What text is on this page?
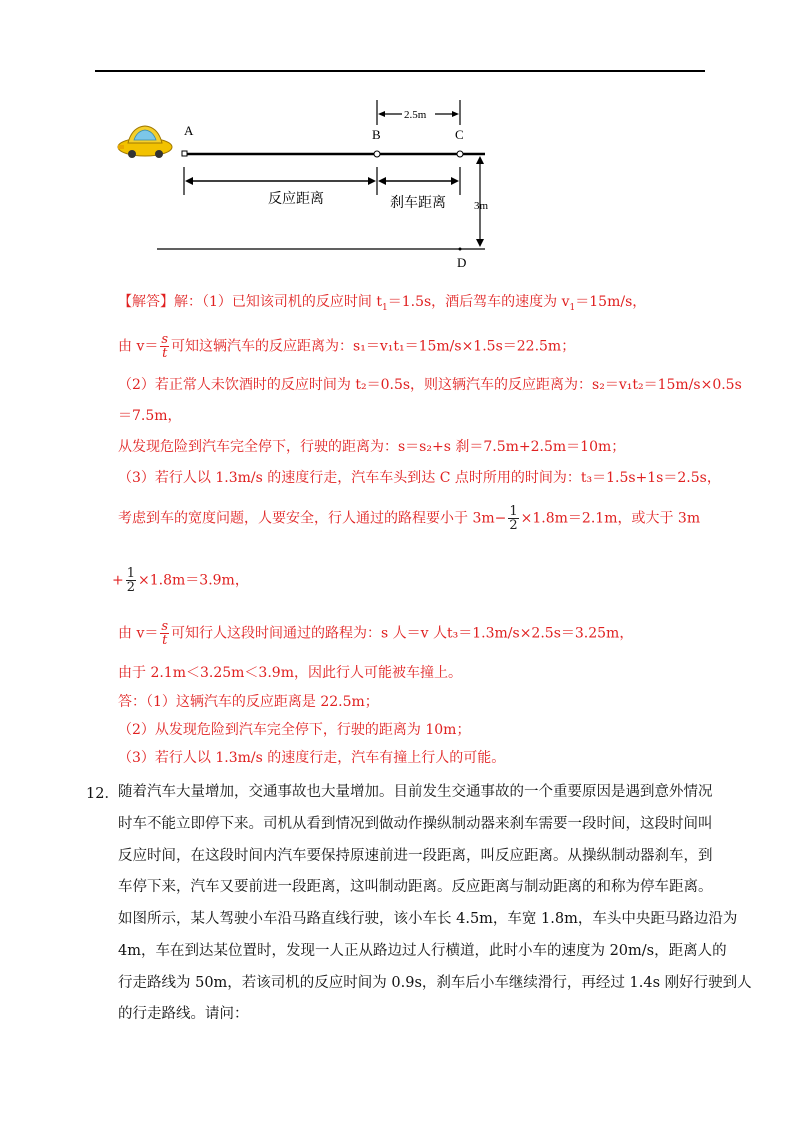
A	B	C
D
2.5m
反应距离	刹车距离	3m
【解答】解：（1）已知该司机的反应时间 $t_1=1.5s$，酒后驾车的速度为 $v_1=15m/s$，
由 $v= \frac{s}{t}$ 可知这辆汽车的反应距离为：s₁＝v₁t₁＝15m/s×1.5s＝22.5m；
（2）若正常人未饮酒时的反应时间为 t₂＝0.5s，则这辆汽车的反应距离为：s₂＝v₁t₂＝15m/s×0.5s
＝7.5m，
从发现危险到汽车完全停下，行驶的距离为：s＝s₂+s 刹＝7.5m+2.5m＝10m；
（3）若行人以 1.3m/s 的速度行走，汽车车头到达 C 点时所用的时间为：t₃＝1.5s+1s＝2.5s，
考虑到车的宽度问题，人要安全，行人通过的路程要小于 $3m- \frac{1}{2} \times 1.8m=2.1m$，或大于 3m
+ $\frac{1}{2} \times 1.8m=3.9m$，
由 $v= \frac{s}{t}$ 可知行人这段时间通过的路程为：s 人＝v 人t₃＝1.3m/s×2.5s＝3.25m，
由于 2.1m＜3.25m＜3.9m，因此行人可能被车撞上。
答：（1）这辆汽车的反应距离是 22.5m；
（2）从发现危险到汽车完全停下，行驶的距离为 10m；
（3）若行人以 1.3m/s 的速度行走，汽车有撞上行人的可能。
12． 随着汽车大量增加，交通事故也大量增加。目前发生交通事故的一个重要原因是遇到意外情况
时车不能立即停下来。司机从看到情况到做动作操纵制动器来刹车需要一段时间，这段时间叫
反应时间，在这段时间内汽车要保持原速前进一段距离，叫反应距离。从操纵制动器刹车，到
车停下来，汽车又要前进一段距离，这叫制动距离。反应距离与制动距离的和称为停车距离。
如图所示，某人驾驶小车沿马路直线行驶，该小车长 4.5m，车宽 1.8m，车头中央距马路边沿为
4m，车在到达某位置时，发现一人正从路边过人行横道，此时小车的速度为 20m/s，距离人的
行走路线为 50m，若该司机的反应时间为 0.9s，刹车后小车继续滑行，再经过 1.4s 刚好行驶到人
的行走路线。请问：
